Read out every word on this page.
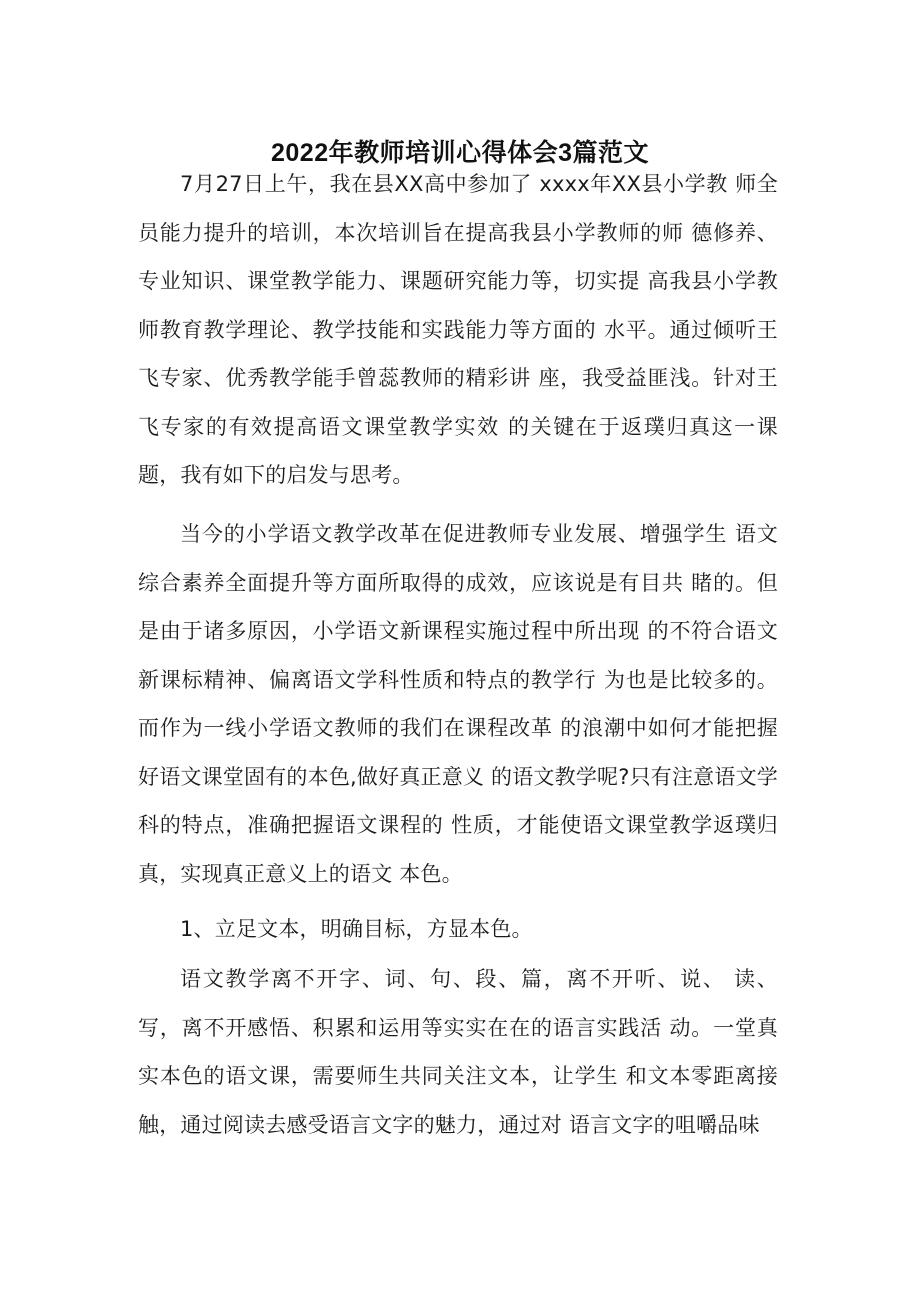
2022年教师培训心得体会3篇范文

7月27日上午，我在县XX高中参加了 xxxx年XX县小学教 师全员能力提升的培训，本次培训旨在提高我县小学教师的师 德修养、专业知识、课堂教学能力、课题研究能力等，切实提 高我县小学教师教育教学理论、教学技能和实践能力等方面的 水平。通过倾听王飞专家、优秀教学能手曾蕊教师的精彩讲 座，我受益匪浅。针对王飞专家的有效提高语文课堂教学实效 的关键在于返璞归真这一课题，我有如下的启发与思考。

当今的小学语文教学改革在促进教师专业发展、增强学生 语文综合素养全面提升等方面所取得的成效，应该说是有目共 睹的。但是由于诸多原因，小学语文新课程实施过程中所出现 的不符合语文新课标精神、偏离语文学科性质和特点的教学行 为也是比较多的。而作为一线小学语文教师的我们在课程改革 的浪潮中如何才能把握好语文课堂固有的本色,做好真正意义 的语文教学呢?只有注意语文学科的特点，准确把握语文课程的 性质，才能使语文课堂教学返璞归真，实现真正意义上的语文 本色。

1、立足文本，明确目标，方显本色。

语文教学离不开字、词、句、段、篇，离不开听、说、 读、写，离不开感悟、积累和运用等实实在在的语言实践活 动。一堂真实本色的语文课，需要师生共同关注文本，让学生 和文本零距离接触，通过阅读去感受语言文字的魅力，通过对 语言文字的咀嚼品味
